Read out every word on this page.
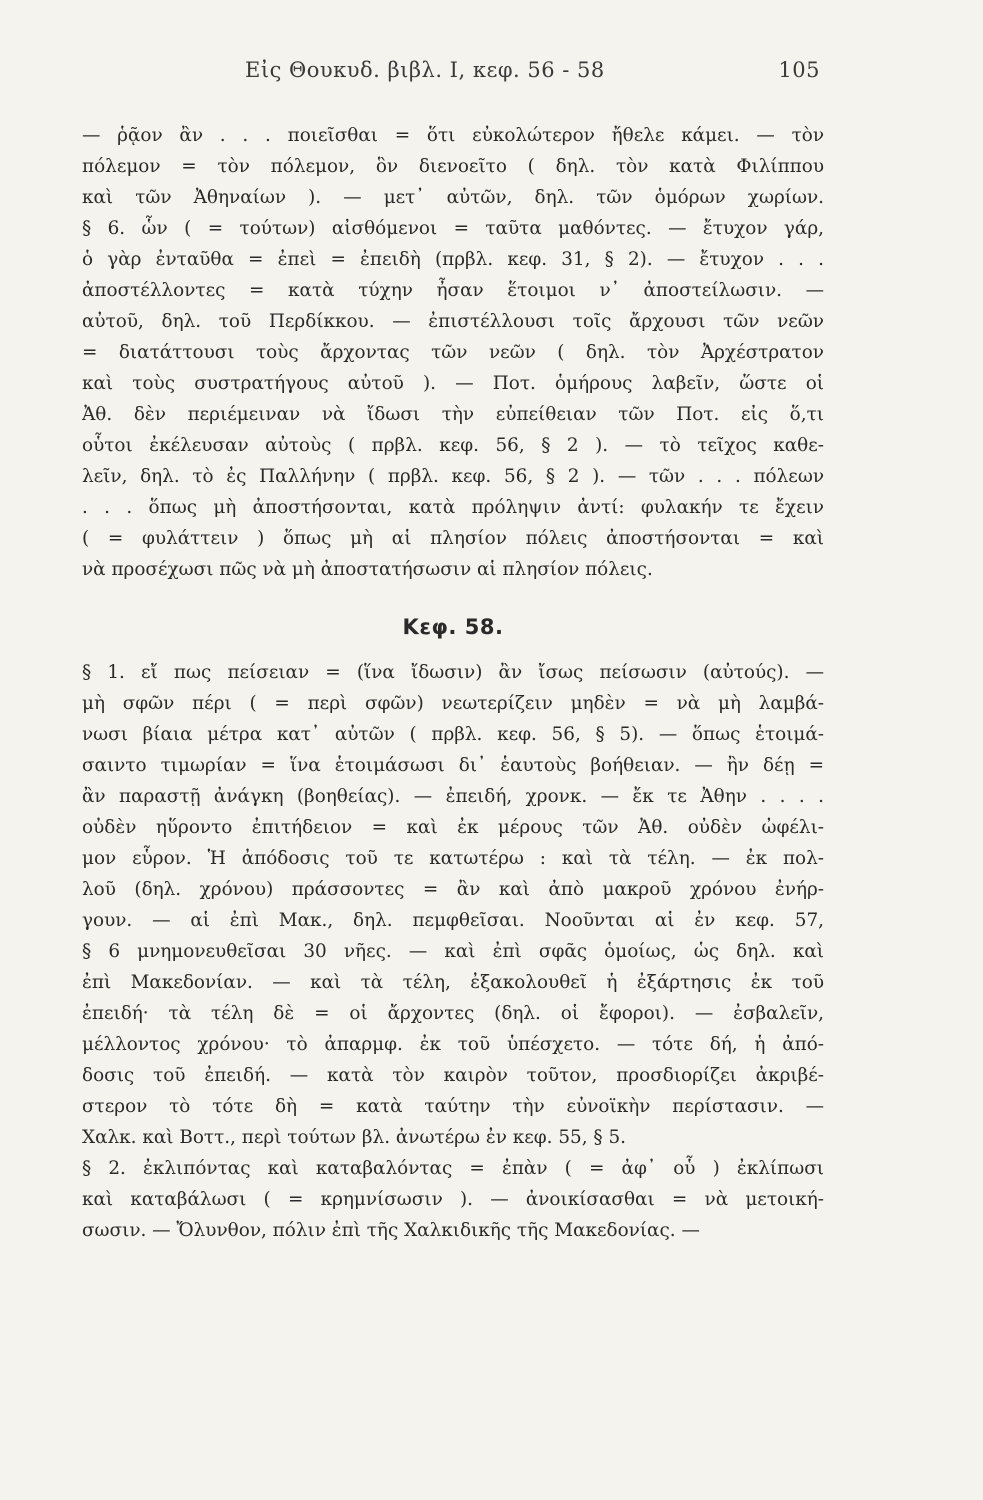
Εἰς Θουκυδ. βιβλ. I, κεφ. 56 - 58	105
— ῥᾷον ἂν . . . ποιεῖσθαι = ὅτι εὐκολώτερον ἤθελε κάμει. — τὸν
πόλεμον = τὸν πόλεμον, ὃν διενοεῖτο ( δηλ. τὸν κατὰ Φιλίππου
καὶ τῶν Ἀθηναίων ). — μετ᾽ αὐτῶν, δηλ. τῶν ὁμόρων χωρίων.
§ 6. ὧν ( = τούτων) αἰσθόμενοι = ταῦτα μαθόντες. — ἔτυχον γάρ,
ὁ γὰρ ἐνταῦθα = ἐπεὶ = ἐπειδὴ (πρβλ. κεφ. 31, § 2). — ἔτυχον . . .
ἀποστέλλοντες = κατὰ τύχην ἦσαν ἕτοιμοι ν᾽ ἀποστείλωσιν. —
αὐτοῦ, δηλ. τοῦ Περδίκκου. — ἐπιστέλλουσι τοῖς ἄρχουσι τῶν νεῶν
= διατάττουσι τοὺς ἄρχοντας τῶν νεῶν ( δηλ. τὸν Ἀρχέστρατον
καὶ τοὺς συστρατήγους αὐτοῦ ). — Ποτ. ὁμήρους λαβεῖν, ὥστε οἱ
Ἀθ. δὲν περιέμειναν νὰ ἴδωσι τὴν εὐπείθειαν τῶν Ποτ. εἰς ὅ,τι
οὗτοι ἐκέλευσαν αὐτοὺς ( πρβλ. κεφ. 56, § 2 ). — τὸ τεῖχος καθε-
λεῖν, δηλ. τὸ ἐς Παλλήνην ( πρβλ. κεφ. 56, § 2 ). — τῶν . . . πόλεων
. . . ὅπως μὴ ἀποστήσονται, κατὰ πρόληψιν ἀντί: φυλακήν τε ἔχειν
( = φυλάττειν ) ὅπως μὴ αἱ πλησίον πόλεις ἀποστήσονται = καὶ
νὰ προσέχωσι πῶς νὰ μὴ ἀποστατήσωσιν αἱ πλησίον πόλεις.
Κεφ. 58.
§ 1. εἴ πως πείσειαν = (ἵνα ἴδωσιν) ἂν ἴσως πείσωσιν (αὐτούς). —
μὴ σφῶν πέρι ( = περὶ σφῶν) νεωτερίζειν μηδὲν = νὰ μὴ λαμβά-
νωσι βίαια μέτρα κατ᾽ αὐτῶν ( πρβλ. κεφ. 56, § 5). — ὅπως ἑτοιμά-
σαιντο τιμωρίαν = ἵνα ἑτοιμάσωσι δι᾽ ἑαυτοὺς βοήθειαν. — ἢν δέῃ =
ἂν παραστῇ ἀνάγκη (βοηθείας). — ἐπειδή, χρονκ. — ἔκ τε Ἀθην . . . .
οὐδὲν ηὕροντο ἐπιτήδειον = καὶ ἐκ μέρους τῶν Ἀθ. οὐδὲν ὠφέλι-
μον εὗρον. Ἡ ἀπόδοσις τοῦ τε κατωτέρω : καὶ τὰ τέλη. — ἐκ πολ-
λοῦ (δηλ. χρόνου) πράσσοντες = ἂν καὶ ἀπὸ μακροῦ χρόνου ἐνήρ-
γουν. — αἱ ἐπὶ Μακ., δηλ. πεμφθεῖσαι. Νοοῦνται αἱ ἐν κεφ. 57,
§ 6 μνημονευθεῖσαι 30 νῆες. — καὶ ἐπὶ σφᾶς ὁμοίως, ὡς δηλ. καὶ
ἐπὶ Μακεδονίαν. — καὶ τὰ τέλη, ἐξακολουθεῖ ἡ ἐξάρτησις ἐκ τοῦ
ἐπειδή· τὰ τέλη δὲ = οἱ ἄρχοντες (δηλ. οἱ ἔφοροι). — ἐσβαλεῖν,
μέλλοντος χρόνου· τὸ ἀπαρμφ. ἐκ τοῦ ὑπέσχετο. — τότε δή, ἡ ἀπό-
δοσις τοῦ ἐπειδή. — κατὰ τὸν καιρὸν τοῦτον, προσδιορίζει ἀκριβέ-
στερον τὸ τότε δὴ = κατὰ ταύτην τὴν εὐνοϊκὴν περίστασιν. —
Χαλκ. καὶ Βοττ., περὶ τούτων βλ. ἀνωτέρω ἐν κεφ. 55, § 5.
§ 2. ἐκλιπόντας καὶ καταβαλόντας = ἐπὰν ( = ἀφ᾽ οὗ ) ἐκλίπωσι
καὶ καταβάλωσι ( = κρημνίσωσιν ). — ἀνοικίσασθαι = νὰ μετοική-
σωσιν. — Ὄλυνθον, πόλιν ἐπὶ τῆς Χαλκιδικῆς τῆς Μακεδονίας. —
